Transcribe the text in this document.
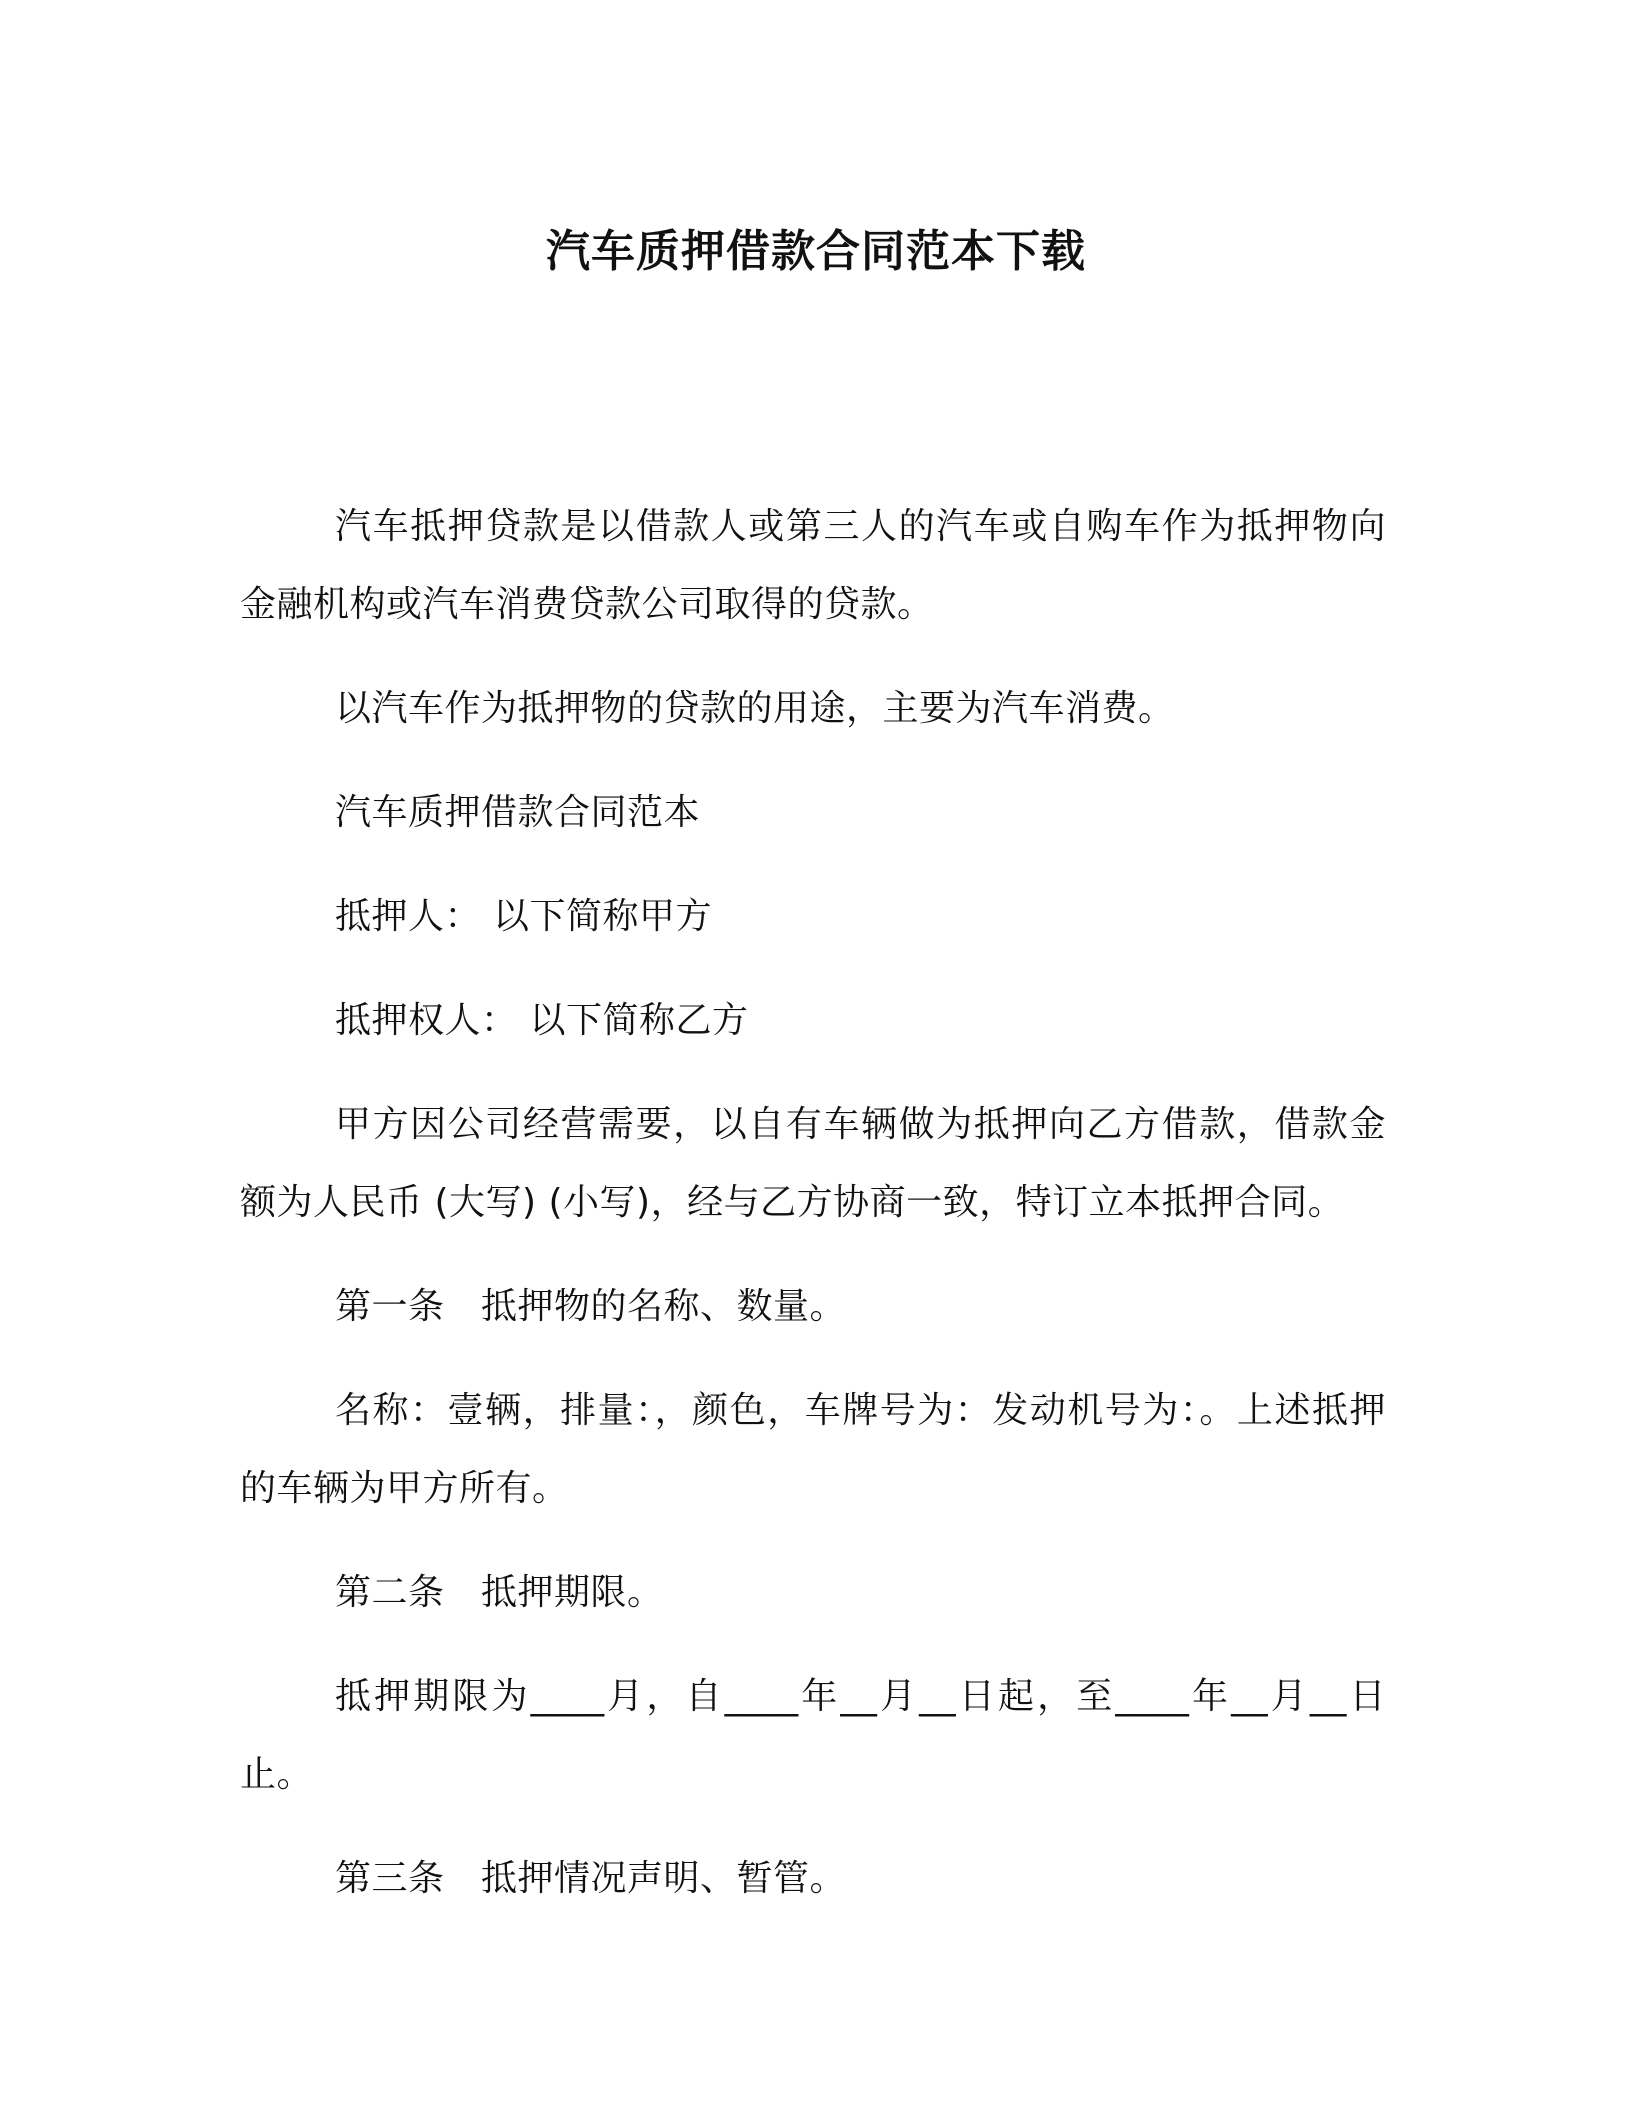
汽车质押借款合同范本下载

汽车抵押贷款是以借款人或第三人的汽车或自购车作为抵押物向金融机构或汽车消费贷款公司取得的贷款。

以汽车作为抵押物的贷款的用途，主要为汽车消费。

汽车质押借款合同范本

抵押人： 以下简称甲方

抵押权人： 以下简称乙方

甲方因公司经营需要，以自有车辆做为抵押向乙方借款，借款金额为人民币 (大写) (小写)，经与乙方协商一致，特订立本抵押合同。

第一条　抵押物的名称、数量。

名称：壹辆，排量：，颜色，车牌号为：发动机号为：。上述抵押的车辆为甲方所有。

第二条　抵押期限。

抵押期限为____月，自____年__月__日起，至____年__月__日止。

第三条　抵押情况声明、暂管。
